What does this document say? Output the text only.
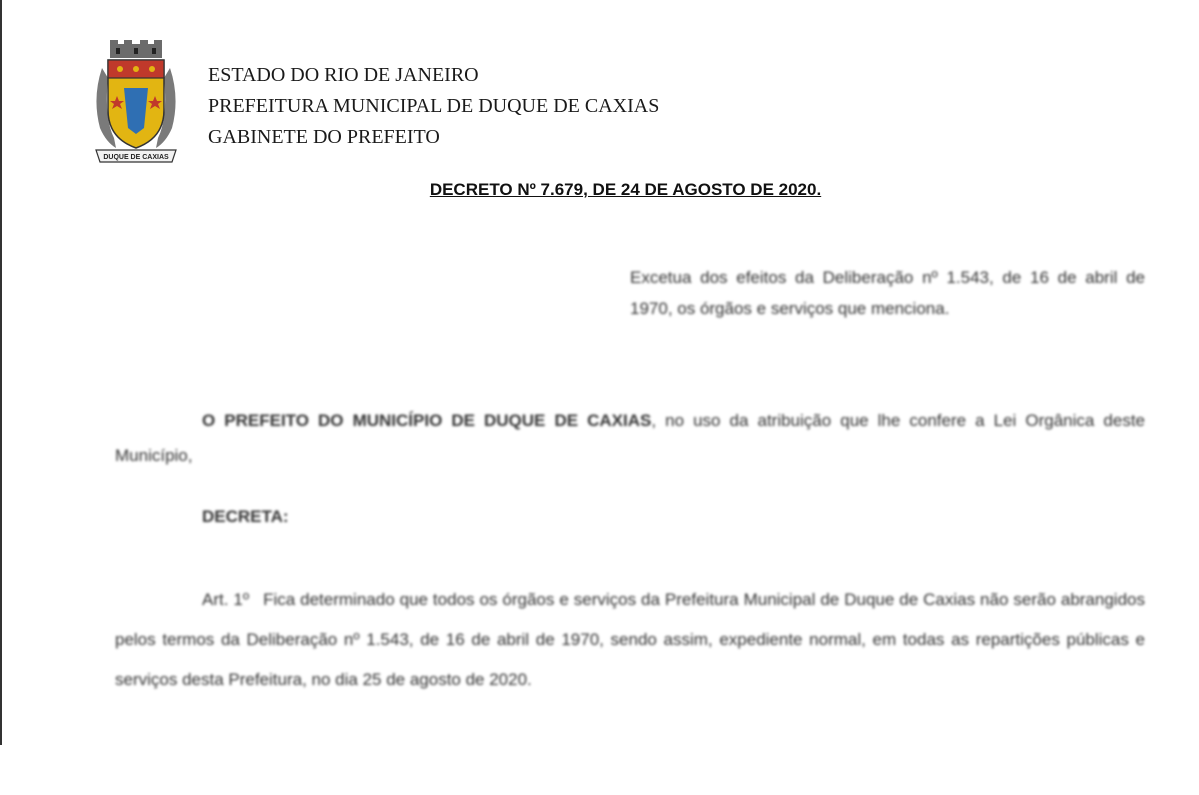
DUQUE DE CAXIAS
ESTADO DO RIO DE JANEIRO
PREFEITURA MUNICIPAL DE DUQUE DE CAXIAS
GABINETE DO PREFEITO
DECRETO Nº 7.679, DE 24 DE AGOSTO DE 2020.
Excetua dos efeitos da Deliberação nº 1.543, de 16 de abril de 1970, os órgãos e serviços que menciona.
O PREFEITO DO MUNICÍPIO DE DUQUE DE CAXIAS, no uso da atribuição que lhe confere a Lei Orgânica deste Município,
DECRETA:
Art. 1º Fica determinado que todos os órgãos e serviços da Prefeitura Municipal de Duque de Caxias não serão abrangidos pelos termos da Deliberação nº 1.543, de 16 de abril de 1970, sendo assim, expediente normal, em todas as repartições públicas e serviços desta Prefeitura, no dia 25 de agosto de 2020.
